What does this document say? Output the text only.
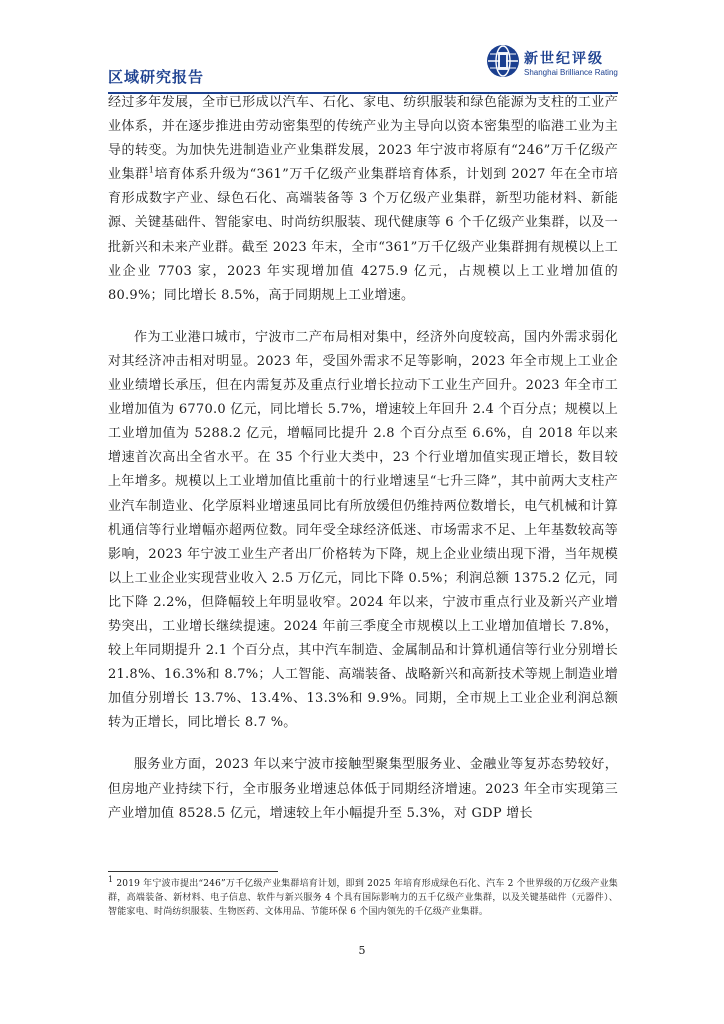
区域研究报告
新世纪评级
Shanghai Brilliance Rating

经过多年发展，全市已形成以汽车、石化、家电、纺织服装和绿色能源为支柱的工业产业体系，并在逐步推进由劳动密集型的传统产业为主导向以资本密集型的临港工业为主导的转变。为加快先进制造业产业集群发展，2023 年宁波市将原有“246”万千亿级产业集群$^1$培育体系升级为“361”万千亿级产业集群培育体系，计划到 2027 年在全市培育形成数字产业、绿色石化、高端装备等 3 个万亿级产业集群，新型功能材料、新能源、关键基础件、智能家电、时尚纺织服装、现代健康等 6 个千亿级产业集群，以及一批新兴和未来产业群。截至 2023 年末，全市“361”万千亿级产业集群拥有规模以上工业企业 7703 家，2023 年实现增加值 4275.9 亿元，占规模以上工业增加值的 80.9%；同比增长 8.5%，高于同期规上工业增速。

作为工业港口城市，宁波市二产布局相对集中，经济外向度较高，国内外需求弱化对其经济冲击相对明显。2023 年，受国外需求不足等影响，2023 年全市规上工业企业业绩增长承压，但在内需复苏及重点行业增长拉动下工业生产回升。2023 年全市工业增加值为 6770.0 亿元，同比增长 5.7%，增速较上年回升 2.4 个百分点；规模以上工业增加值为 5288.2 亿元，增幅同比提升 2.8 个百分点至 6.6%，自 2018 年以来增速首次高出全省水平。在 35 个行业大类中，23 个行业增加值实现正增长，数目较上年增多。规模以上工业增加值比重前十的行业增速呈“七升三降”，其中前两大支柱产业汽车制造业、化学原料业增速虽同比有所放缓但仍维持两位数增长，电气机械和计算机通信等行业增幅亦超两位数。同年受全球经济低迷、市场需求不足、上年基数较高等影响，2023 年宁波工业生产者出厂价格转为下降，规上企业业绩出现下滑，当年规模以上工业企业实现营业收入 2.5 万亿元，同比下降 0.5%；利润总额 1375.2 亿元，同比下降 2.2%，但降幅较上年明显收窄。2024 年以来，宁波市重点行业及新兴产业增势突出，工业增长继续提速。2024 年前三季度全市规模以上工业增加值增长 7.8%，较上年同期提升 2.1 个百分点，其中汽车制造、金属制品和计算机通信等行业分别增长 21.8%、16.3%和 8.7%；人工智能、高端装备、战略新兴和高新技术等规上制造业增加值分别增长 13.7%、13.4%、13.3%和 9.9%。同期，全市规上工业企业利润总额转为正增长，同比增长 8.7 %。

服务业方面，2023 年以来宁波市接触型聚集型服务业、金融业等复苏态势较好，但房地产业持续下行，全市服务业增速总体低于同期经济增速。2023 年全市实现第三产业增加值 8528.5 亿元，增速较上年小幅提升至 5.3%，对 GDP 增长

$^1$ 2019 年宁波市提出“246”万千亿级产业集群培育计划，即到 2025 年培育形成绿色石化、汽车 2 个世界级的万亿级产业集群，高端装备、新材料、电子信息、软件与新兴服务 4 个具有国际影响力的五千亿级产业集群，以及关键基础件（元器件）、智能家电、时尚纺织服装、生物医药、文体用品、节能环保 6 个国内领先的千亿级产业集群。
5
